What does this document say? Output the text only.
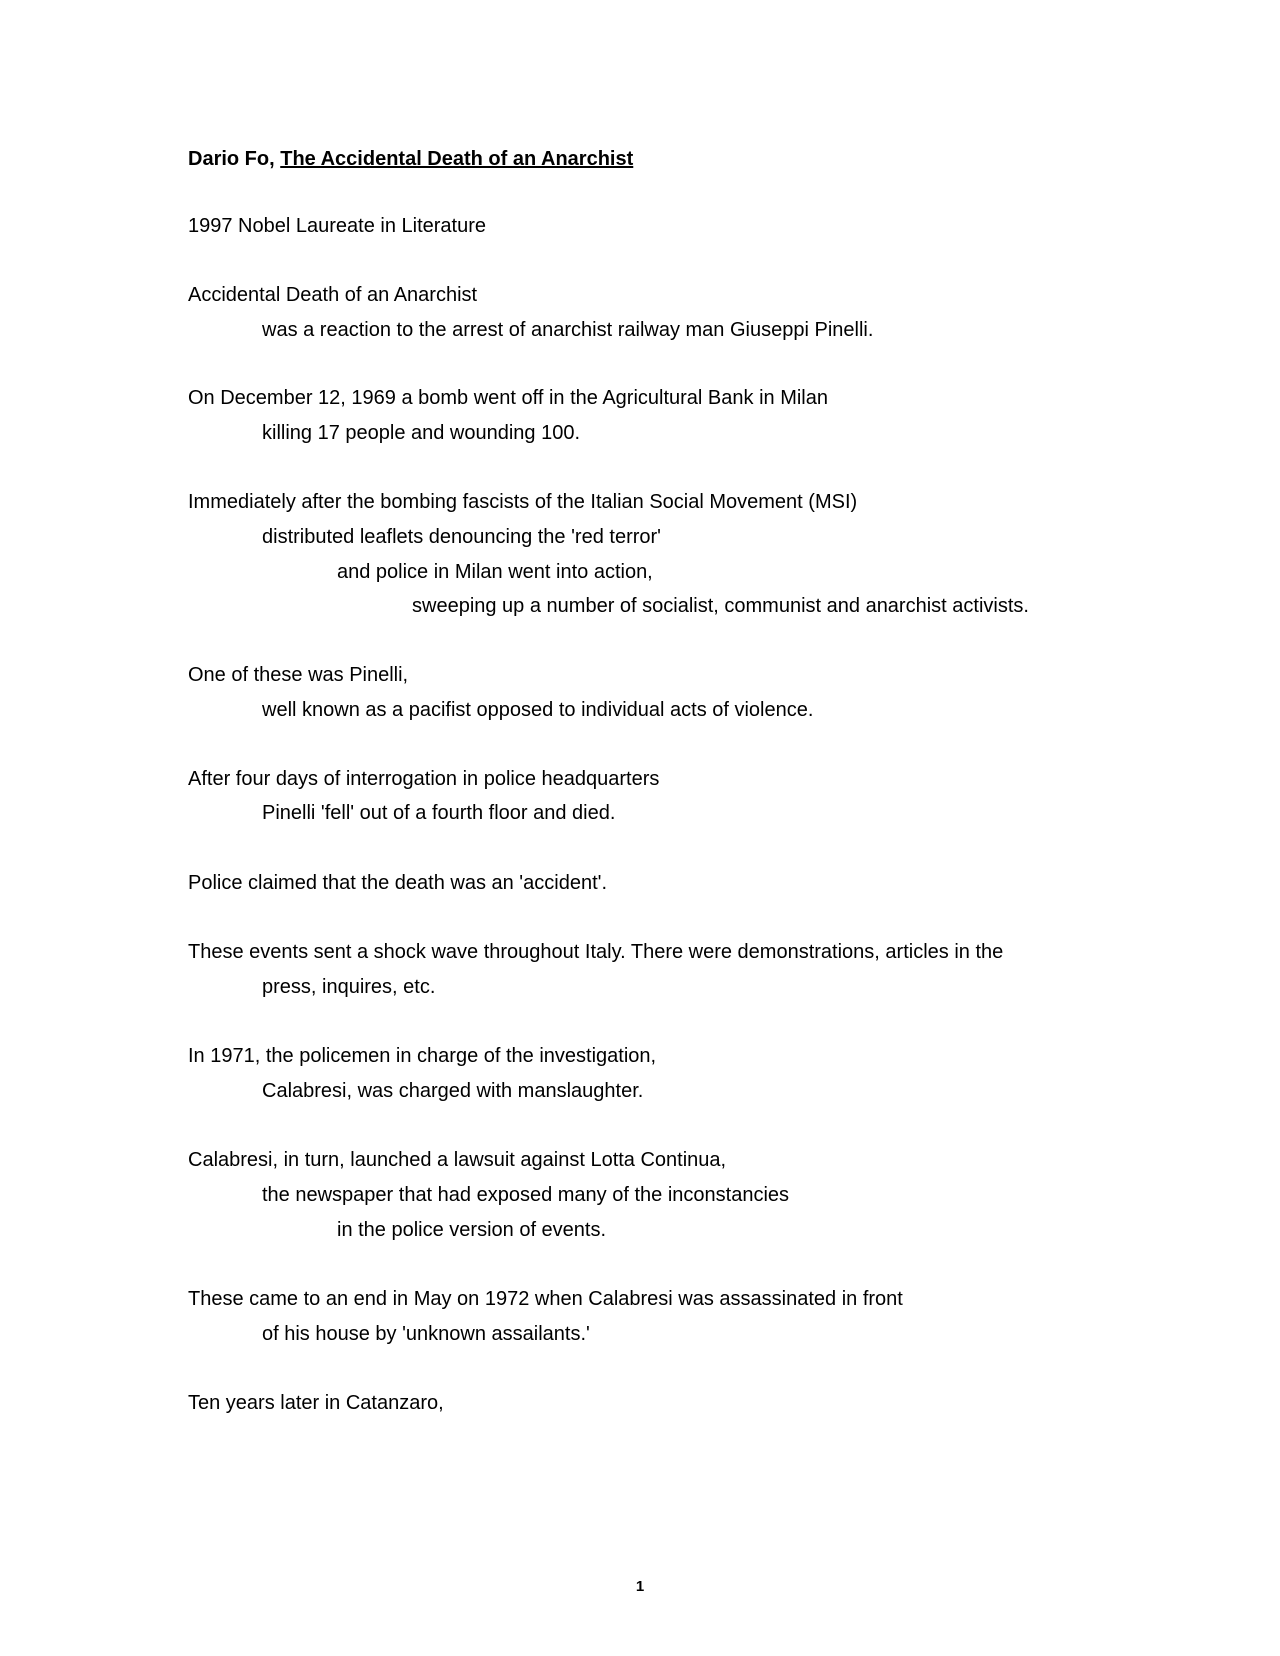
Dario Fo, The Accidental Death of an Anarchist
1997 Nobel Laureate in Literature
Accidental Death of an Anarchist
was a reaction to the arrest of anarchist railway man Giuseppi Pinelli.
On December 12, 1969 a bomb went off in the Agricultural Bank in Milan
killing 17 people and wounding 100.
Immediately after the bombing fascists of the Italian Social Movement (MSI)
distributed leaflets denouncing the 'red terror'
and police in Milan went into action,
sweeping up a number of socialist, communist and anarchist activists.
One of these was Pinelli,
well known as a pacifist opposed to individual acts of violence.
After four days of interrogation in police headquarters
Pinelli 'fell' out of a fourth floor and died.
Police claimed that the death was an 'accident'.
These events sent a shock wave throughout Italy. There were demonstrations, articles in the
press, inquires, etc.
In 1971, the policemen in charge of the investigation,
Calabresi, was charged with manslaughter.
Calabresi, in turn, launched a lawsuit against Lotta Continua,
the newspaper that had exposed many of the inconstancies
in the police version of events.
These came to an end in May on 1972 when Calabresi was assassinated in front
of his house by 'unknown assailants.'
Ten years later in Catanzaro,
1
